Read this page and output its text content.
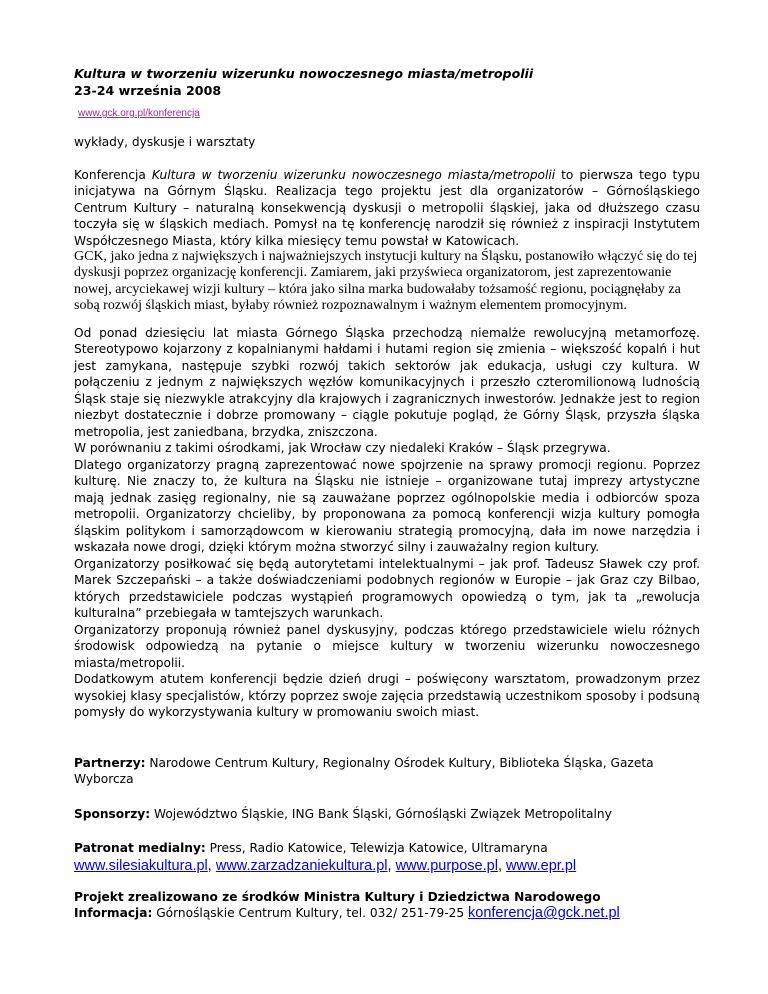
Kultura w tworzeniu wizerunku nowoczesnego miasta/metropolii

23-24 września 2008

www.gck.org.pl/konferencja

wykłady, dyskusje i warsztaty

Konferencja Kultura w tworzeniu wizerunku nowoczesnego miasta/metropolii to pierwsza tego typu inicjatywa na Górnym Śląsku. Realizacja tego projektu jest dla organizatorów – Górnośląskiego Centrum Kultury – naturalną konsekwencją dyskusji o metropolii śląskiej, jaka od dłuższego czasu toczyła się w śląskich mediach. Pomysł na tę konferencję narodził się również z inspiracji Instytutem Współczesnego Miasta, który kilka miesięcy temu powstał w Katowicach.

GCK, jako jedna z największych i najważniejszych instytucji kultury na Śląsku, postanowiło włączyć się do tej dyskusji poprzez organizację konferencji. Zamiarem, jaki przyświeca organizatorom, jest zaprezentowanie nowej, arcyciekawej wizji kultury – która jako silna marka budowałaby tożsamość regionu, pociągnęłaby za sobą rozwój śląskich miast, byłaby również rozpoznawalnym i ważnym elementem promocyjnym.

Od ponad dziesięciu lat miasta Górnego Śląska przechodzą niemalże rewolucyjną metamorfozę. Stereotypowo kojarzony z kopalnianymi hałdami i hutami region się zmienia – większość kopalń i hut jest zamykana, następuje szybki rozwój takich sektorów jak edukacja, usługi czy kultura. W połączeniu z jednym z największych węzłów komunikacyjnych i przeszło czteromilionową ludnością Śląsk staje się niezwykle atrakcyjny dla krajowych i zagranicznych inwestorów. Jednakże jest to region niezbyt dostatecznie i dobrze promowany – ciągle pokutuje pogląd, że Górny Śląsk, przyszła śląska metropolia, jest zaniedbana, brzydka, zniszczona.

W porównaniu z takimi ośrodkami, jak Wrocław czy niedaleki Kraków – Śląsk przegrywa.

Dlatego organizatorzy pragną zaprezentować nowe spojrzenie na sprawy promocji regionu. Poprzez kulturę. Nie znaczy to, że kultura na Śląsku nie istnieje – organizowane tutaj imprezy artystyczne mają jednak zasięg regionalny, nie są zauważane poprzez ogólnopolskie media i odbiorców spoza metropolii. Organizatorzy chcieliby, by proponowana za pomocą konferencji wizja kultury pomogła śląskim politykom i samorządowcom w kierowaniu strategią promocyjną, dała im nowe narzędzia i wskazała nowe drogi, dzięki którym można stworzyć silny i zauważalny region kultury.

Organizatorzy posiłkować się będą autorytetami intelektualnymi – jak prof. Tadeusz Sławek czy prof. Marek Szczepański – a także doświadczeniami podobnych regionów w Europie – jak Graz czy Bilbao, których przedstawiciele podczas wystąpień programowych opowiedzą o tym, jak ta „rewolucja kulturalna” przebiegała w tamtejszych warunkach.

Organizatorzy proponują również panel dyskusyjny, podczas którego przedstawiciele wielu różnych środowisk odpowiedzą na pytanie o miejsce kultury w tworzeniu wizerunku nowoczesnego miasta/metropolii.

Dodatkowym atutem konferencji będzie dzień drugi – poświęcony warsztatom, prowadzonym przez wysokiej klasy specjalistów, którzy poprzez swoje zajęcia przedstawią uczestnikom sposoby i podsuną pomysły do wykorzystywania kultury w promowaniu swoich miast.

Partnerzy: Narodowe Centrum Kultury, Regionalny Ośrodek Kultury, Biblioteka Śląska, Gazeta Wyborcza

Sponsorzy: Województwo Śląskie, ING Bank Śląski, Górnośląski Związek Metropolitalny

Patronat medialny: Press, Radio Katowice, Telewizja Katowice, Ultramaryna

www.silesiakultura.pl, www.zarzadzaniekultura.pl, www.purpose.pl, www.epr.pl

Projekt zrealizowano ze środków Ministra Kultury i Dziedzictwa Narodowego

Informacja: Górnośląskie Centrum Kultury, tel. 032/ 251-79-25 konferencja@gck.net.pl
